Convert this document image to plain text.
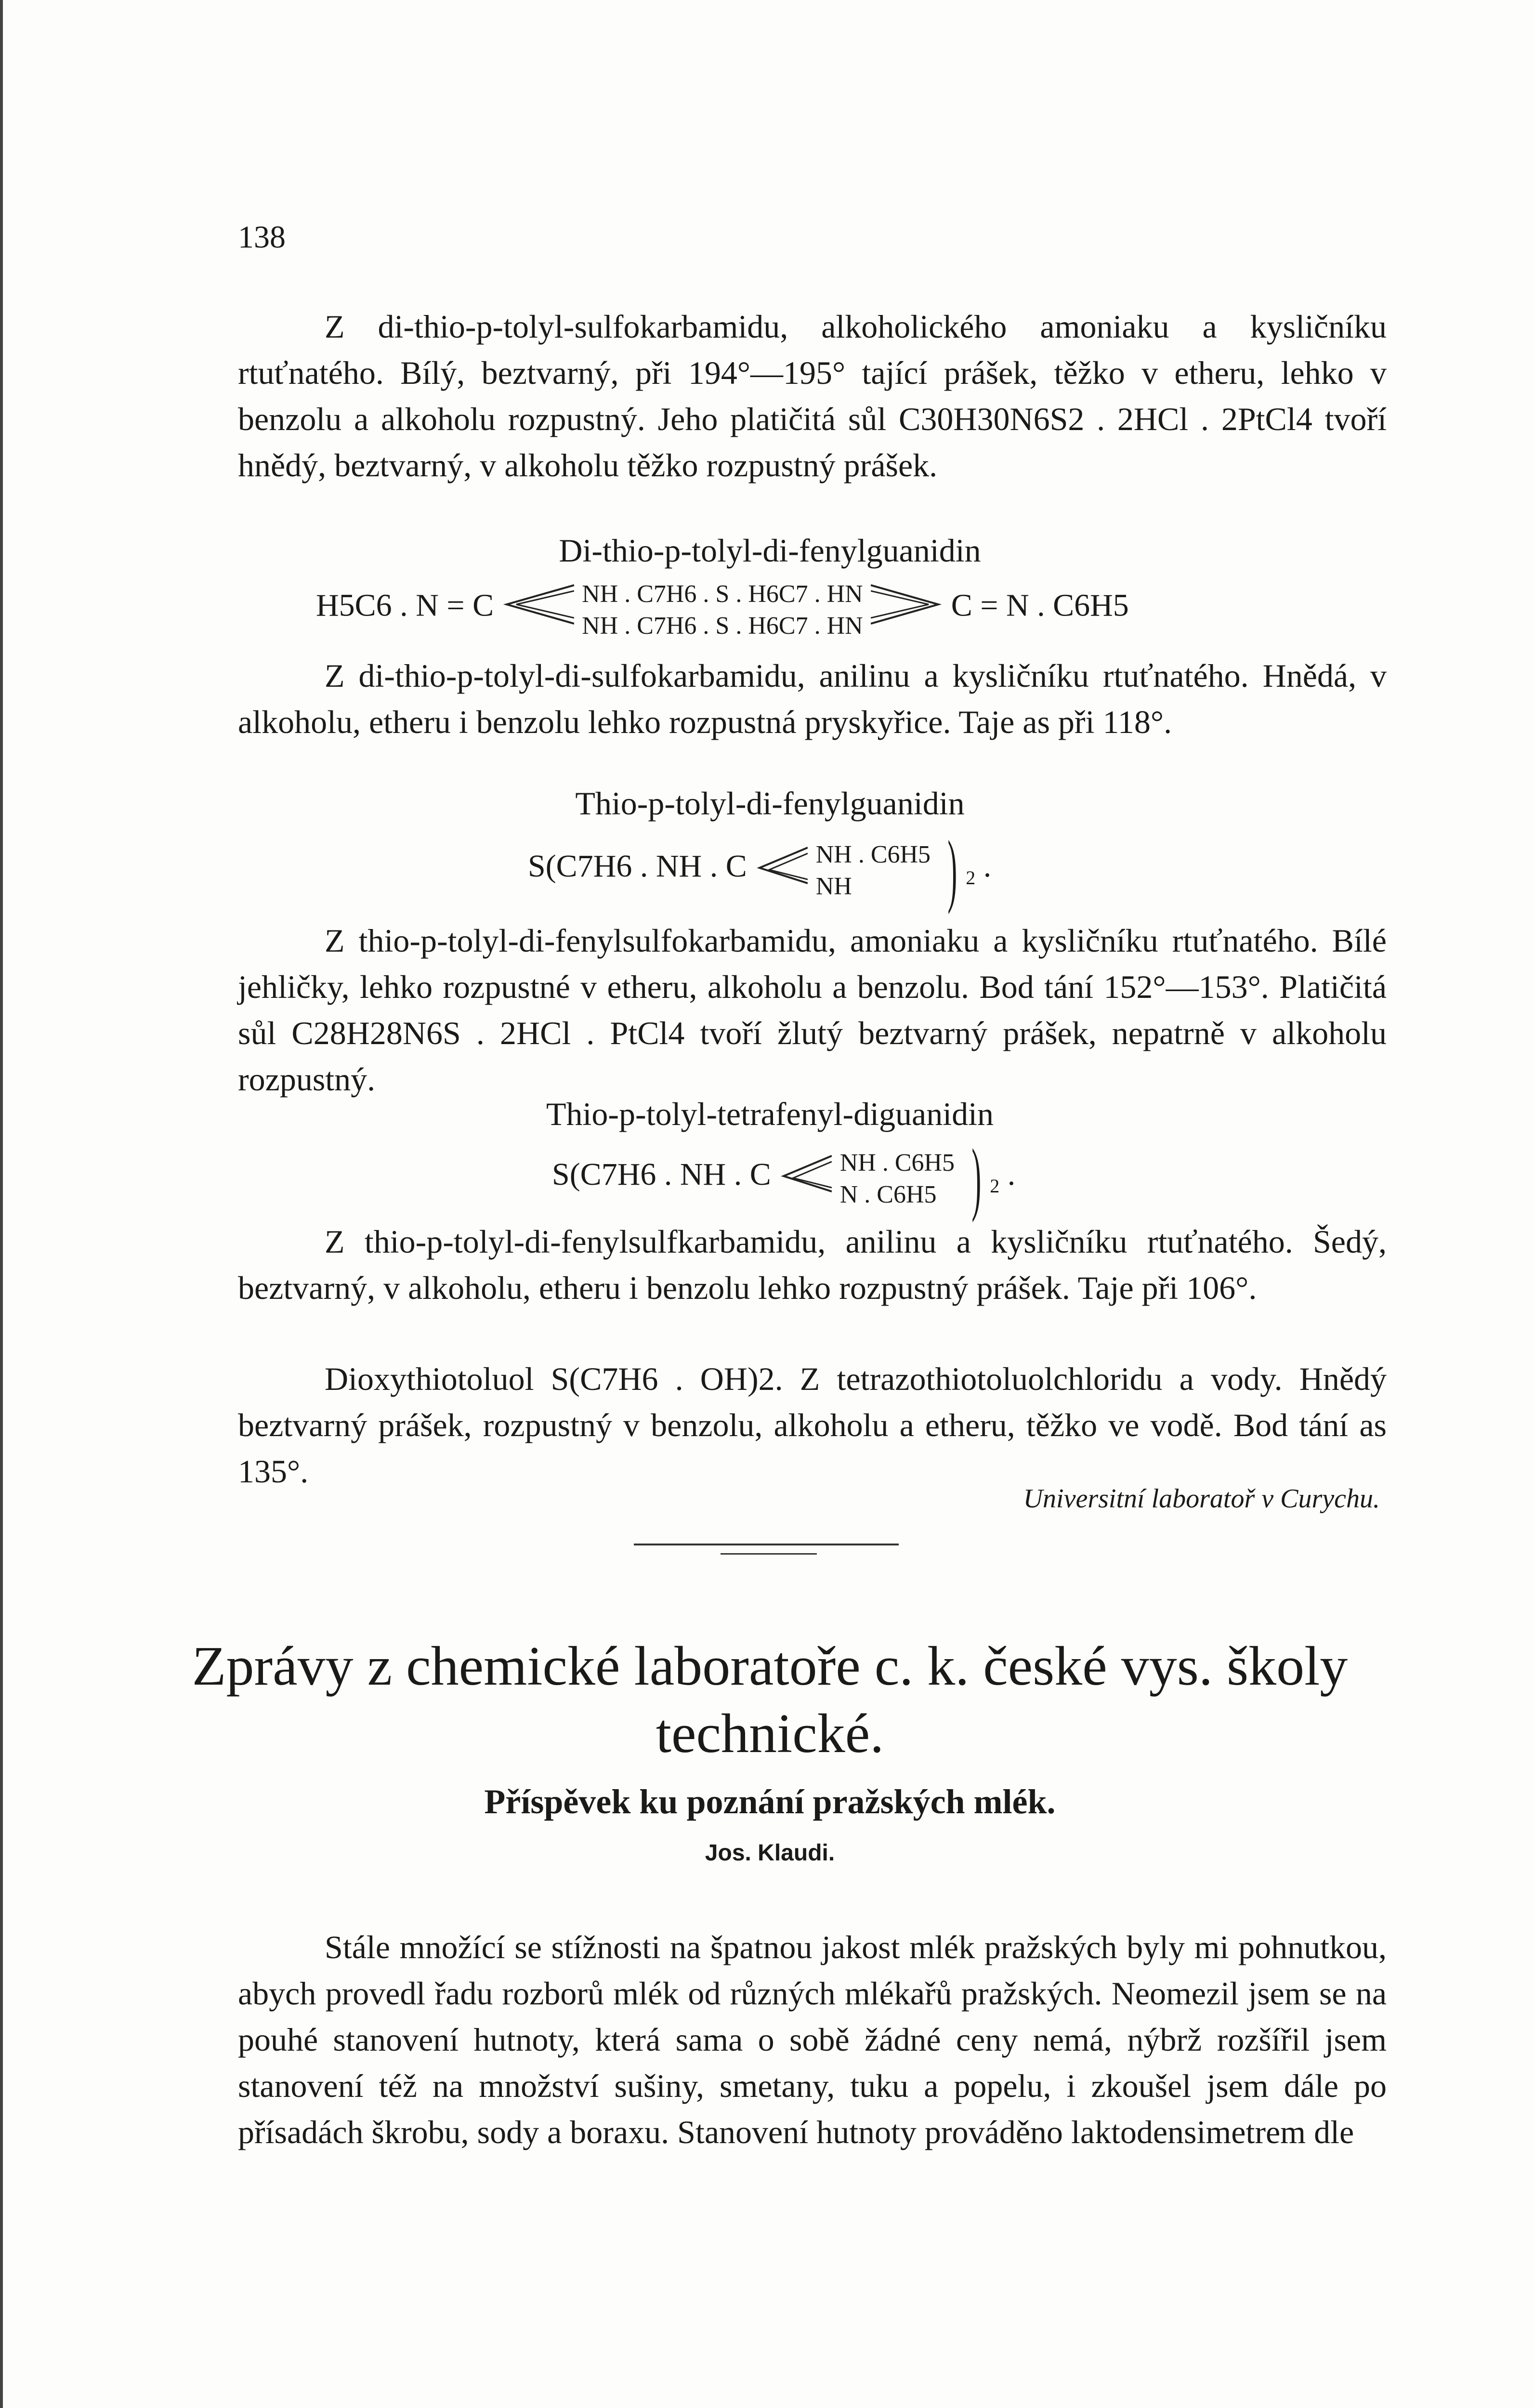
138
Z di-thio-p-tolyl-sulfokarbamidu, alkoholického amoniaku a kysličníku rtuťnatého. Bílý, beztvarný, při 194°—195° tající prášek, těžko v etheru, lehko v benzolu a alkoholu rozpustný. Jeho platičitá sůl C30H30N6S2 . 2HCl . 2PtCl4 tvoří hnědý, beztvarný, v alkoholu těžko rozpustný prášek.
Di-thio-p-tolyl-di-fenylguanidin
H5C6 . N = C	NH . C7H6 . S . H6C7 . HN
NH . C7H6 . S . H6C7 . HN  C = N . C6H5
Z di-thio-p-tolyl-di-sulfokarbamidu, anilinu a kysličníku rtuťnatého. Hnědá, v alkoholu, etheru i benzolu lehko rozpustná pryskyřice. Taje as při 118°.
Thio-p-tolyl-di-fenylguanidin
S(C7H6 . NH . C	NH . C6H5
NH ) $_2$ .
Z thio-p-tolyl-di-fenylsulfokarbamidu, amoniaku a kysličníku rtuťnatého. Bílé jehličky, lehko rozpustné v etheru, alkoholu a benzolu. Bod tání 152°—153°. Platičitá sůl C28H28N6S . 2HCl . PtCl4 tvoří žlutý beztvarný prášek, nepatrně v alkoholu rozpustný.
Thio-p-tolyl-tetrafenyl-diguanidin
S(C7H6 . NH . C	NH . C6H5
N . C6H5 ) $_2$ .
Z thio-p-tolyl-di-fenylsulfkarbamidu, anilinu a kysličníku rtuťnatého. Šedý, beztvarný, v alkoholu, etheru i benzolu lehko rozpustný prášek. Taje při 106°.
Dioxythiotoluol S(C7H6 . OH)2. Z tetrazothiotoluolchloridu a vody. Hnědý beztvarný prášek, rozpustný v benzolu, alkoholu a etheru, těžko ve vodě. Bod tání as 135°.
Universitní laboratoř v Curychu.
Zprávy z chemické laboratoře c. k. české vys. školy
technické.
Příspěvek ku poznání pražských mlék.
Jos. Klaudi.
Stále množící se stížnosti na špatnou jakost mlék pražských byly mi pohnutkou, abych provedl řadu rozborů mlék od různých mlékařů pražských. Neomezil jsem se na pouhé stanovení hutnoty, která sama o sobě žádné ceny nemá, nýbrž rozšířil jsem stanovení též na množství sušiny, smetany, tuku a popelu, i zkoušel jsem dále po přísadách škrobu, sody a boraxu. Stanovení hutnoty prováděno laktodensimetrem dle
